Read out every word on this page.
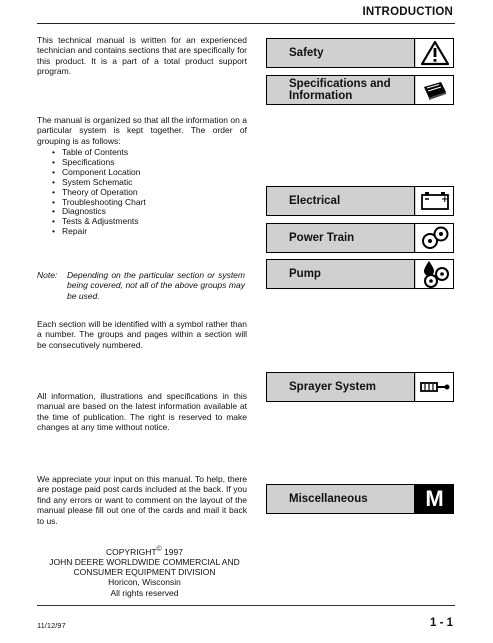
INTRODUCTION
This technical manual is written for an experienced technician and contains sections that are specifically for this product. It is a part of a total product support program.
The manual is organized so that all the information on a particular system is kept together. The order of grouping is as follows:
• Table of Contents
• Specifications
• Component Location
• System Schematic
• Theory of Operation
• Troubleshooting Chart
• Diagnostics
• Tests & Adjustments
• Repair
Note: Depending on the particular section or system being covered, not all of the above groups may be used.
Each section will be identified with a symbol rather than a number. The groups and pages within a section will be consecutively numbered.
All information, illustrations and specifications in this manual are based on the latest information available at the time of publication. The right is reserved to make changes at any time without notice.
We appreciate your input on this manual. To help, there are postage paid post cards included at the back. If you find any errors or want to comment on the layout of the manual please fill out one of the cards and mail it back to us.
COPYRIGHT© 1997
JOHN DEERE WORLDWIDE COMMERCIAL AND
CONSUMER EQUIPMENT DIVISION
Horicon, Wisconsin
All rights reserved
Safety
Specifications and Information
Electrical	+
Power Train
Pump
Sprayer System
Miscellaneous	M
11/12/97	1 - 1
